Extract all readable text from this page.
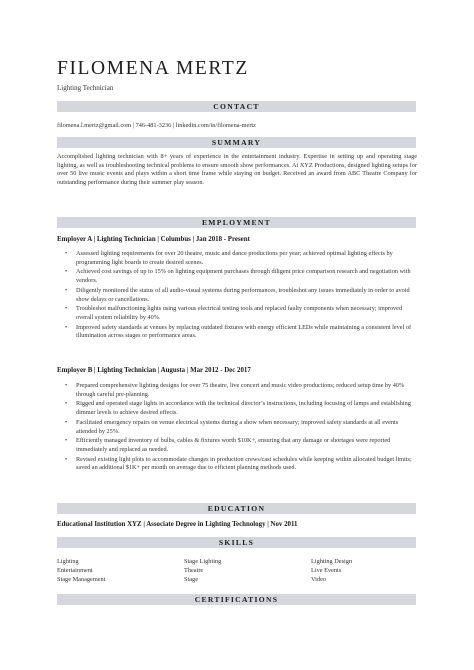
FILOMENA MERTZ
Lighting Technician
CONTACT
filomena.l.mertz@gmail.com | 746-481-3236 | linkedin.com/in/filomena-mertz
SUMMARY
Accomplished lighting technician with 8+ years of experience in the entertainment industry. Expertise in setting up and operating stage lighting, as well as troubleshooting technical problems to ensure smooth show performances. At XYZ Productions, designed lighting setups for over 50 live music events and plays within a short time frame while staying on budget. Received an award from ABC Theatre Company for outstanding performance during their summer play season.
EMPLOYMENT
Employer A | Lighting Technician | Columbus | Jan 2018 - Present
• Assessed lighting requirements for over 20 theatre, music and dance productions per year; achieved optimal lighting effects by programming light boards to create desired scenes.
• Achieved cost savings of up to 15% on lighting equipment purchases through diligent price comparison research and negotiation with vendors.
• Diligently monitored the status of all audio-visual systems during performances, troubleshot any issues immediately in order to avoid show delays or cancellations.
• Troubleshot malfunctioning lights using various electrical testing tools and replaced faulty components when necessary; improved overall system reliability by 40%.
• Improved safety standards at venues by replacing outdated fixtures with energy efficient LEDs while maintaining a consistent level of illumination across stages or performance areas.
Employer B | Lighting Technician | Augusta | Mar 2012 - Dec 2017
• Prepared comprehensive lighting designs for over 75 theatre, live concert and music video productions; reduced setup time by 40% through careful pre-planning.
• Rigged and operated stage lights in accordance with the technical director’s instructions, including focusing of lamps and establishing dimmer levels to achieve desired effects.
• Facilitated emergency repairs on venue electrical systems during a show when necessary; improved safety standards at all events attended by 25%.
• Efficiently managed inventory of bulbs, cables & fixtures worth $10K+, ensuring that any damage or shortages were reported immediately and replaced as needed.
• Revised existing light plots to accommodate changes in production crews/cast schedules while keeping within allocated budget limits; saved an additional $1K+ per month on average due to efficient planning methods used.
EDUCATION
Educational Institution XYZ | Associate Degree in Lighting Technology | Nov 2011
SKILLS
Lighting
Entertainment
Stage Management
Stage Lighting
Theatre
Stage
Lighting Design
Live Events
Video
CERTIFICATIONS
